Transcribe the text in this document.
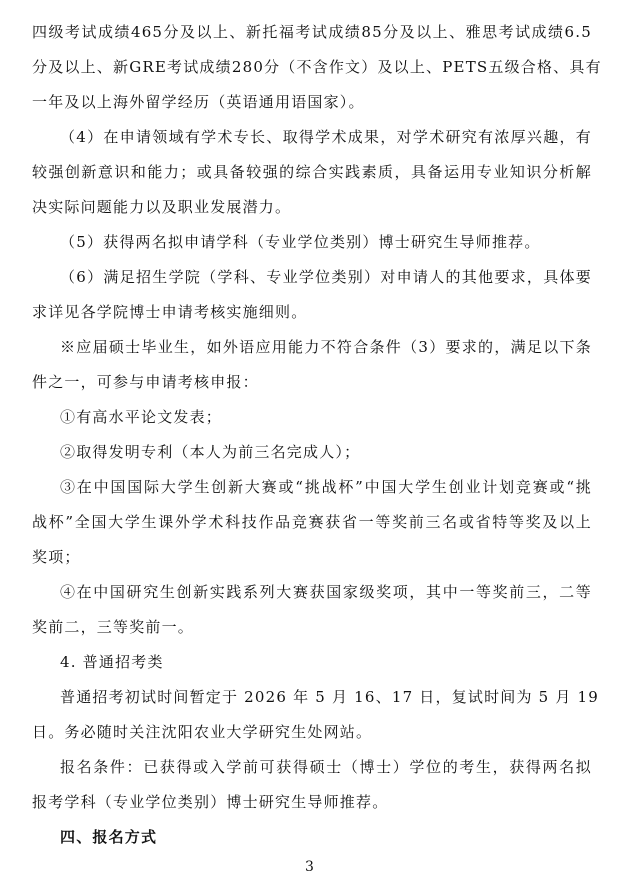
四级考试成绩465分及以上、新托福考试成绩85分及以上、雅思考试成绩6.5
分及以上、新GRE考试成绩280分（不含作文）及以上、PETS五级合格、具有
一年及以上海外留学经历（英语通用语国家）。
（4）在申请领域有学术专长、取得学术成果，对学术研究有浓厚兴趣，有
较强创新意识和能力；或具备较强的综合实践素质，具备运用专业知识分析解
决实际问题能力以及职业发展潜力。
（5）获得两名拟申请学科（专业学位类别）博士研究生导师推荐。
（6）满足招生学院（学科、专业学位类别）对申请人的其他要求，具体要
求详见各学院博士申请考核实施细则。
※应届硕士毕业生，如外语应用能力不符合条件（3）要求的，满足以下条
件之一，可参与申请考核申报：
①有高水平论文发表；
②取得发明专利（本人为前三名完成人）；
③在中国国际大学生创新大赛或“挑战杯”中国大学生创业计划竞赛或“挑
战杯”全国大学生课外学术科技作品竞赛获省一等奖前三名或省特等奖及以上
奖项；
④在中国研究生创新实践系列大赛获国家级奖项，其中一等奖前三，二等
奖前二，三等奖前一。
4. 普通招考类
普通招考初试时间暂定于 2026 年 5 月 16、17 日，复试时间为 5 月 19
日。务必随时关注沈阳农业大学研究生处网站。
报名条件：已获得或入学前可获得硕士（博士）学位的考生，获得两名拟
报考学科（专业学位类别）博士研究生导师推荐。
四、报名方式
3
